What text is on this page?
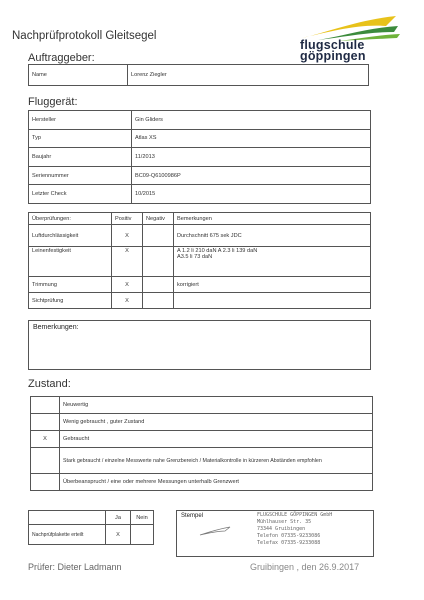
Nachprüfprotokoll Gleitsegel
flugschule
göppingen
Auftraggeber:
Name	Lorenz Ziegler
Fluggerät:
Hersteller	Gin Gliders
Typ	Atlas XS
Baujahr	11/2013
Seriennummer	BC09-Q6100986P
Letzter Check	10/2015
Überprüfungen:	Positiv	Negativ	Bemerkungen
Luftdurchlässigkeit	X		Durchschnitt 675 sek JDC
Leinenfestigkeit	X		A 1.2 li 210 daN A 2.3 li 139 daN
A3.5 li 73 daN

Trimmung	X		korrigiert
Sichtprüfung	X		
Bemerkungen:
Zustand:
	Neuwertig
	Wenig gebraucht , guter Zustand
X	Gebraucht
	Stark gebraucht / einzelne Messwerte nahe Grenzbereich / Materialkontrolle in kürzeren Abständen empfohlen
	Überbeansprucht / eine oder mehrere Messungen unterhalb Grenzwert
	Ja	Nein
Nachprüfplakette erteilt	X	
Stempel	FLUGSCHULE GÖPPINGEN GmbH
Mühlhauser Str. 35
73344 Gruibingen
Telefon 07335-9233086
Telefax 07335-9233088
Prüfer: Dieter Ladmann	Gruibingen , den 26.9.2017
